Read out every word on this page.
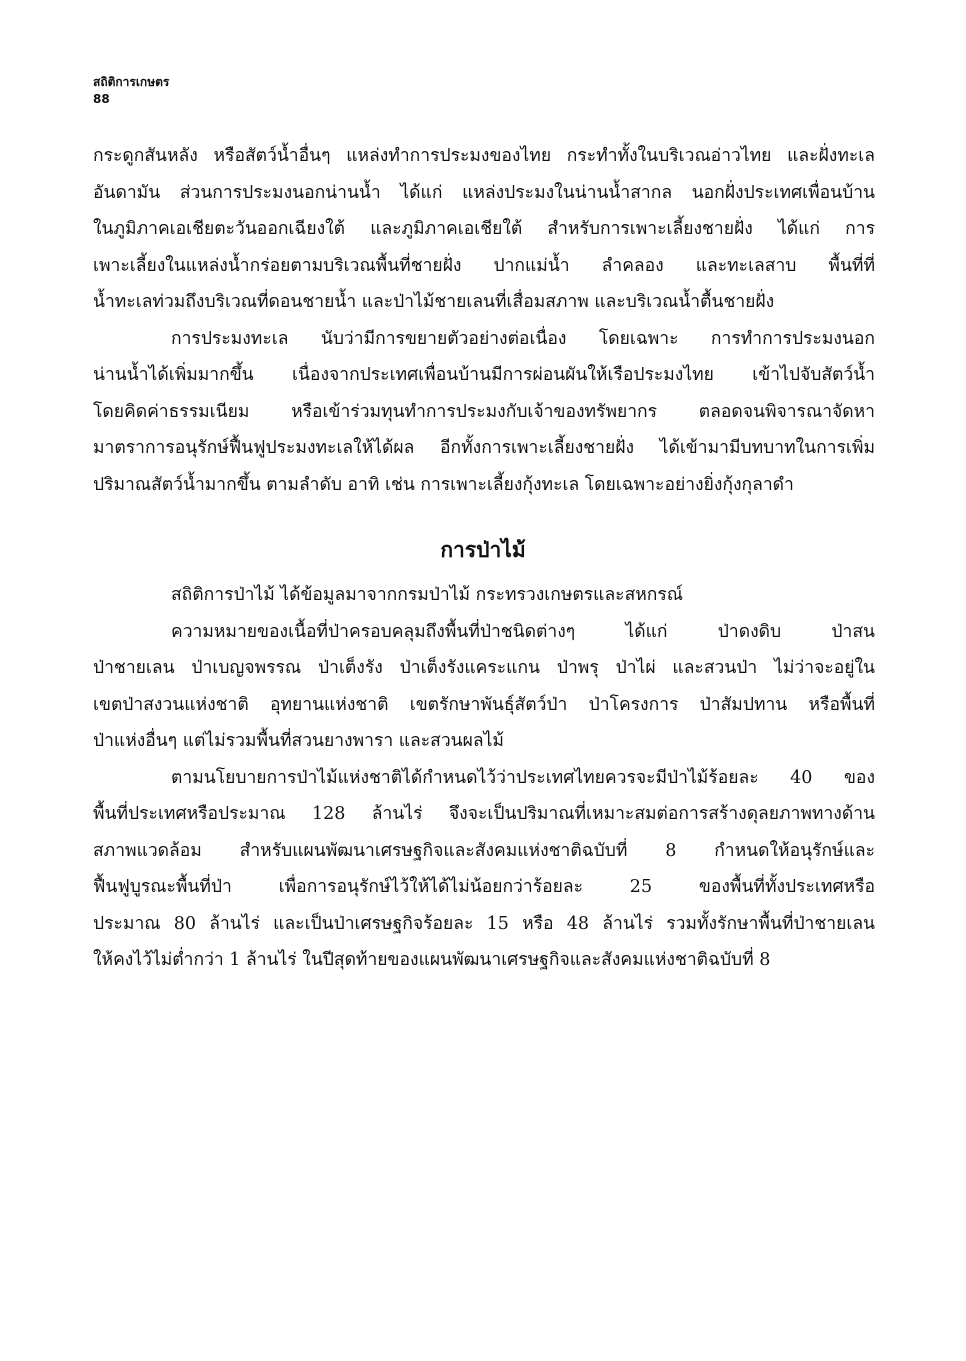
สถิติการเกษตร
88
กระดูกสันหลัง หรือสัตว์น้ำอื่นๆ แหล่งทำการประมงของไทย กระทำทั้งในบริเวณอ่าวไทย และฝั่งทะเล
อันดามัน ส่วนการประมงนอกน่านน้ำ ได้แก่ แหล่งประมงในน่านน้ำสากล นอกฝั่งประเทศเพื่อนบ้าน
ในภูมิภาคเอเชียตะวันออกเฉียงใต้ และภูมิภาคเอเชียใต้ สำหรับการเพาะเลี้ยงชายฝั่ง ได้แก่ การ
เพาะเลี้ยงในแหล่งน้ำกร่อยตามบริเวณพื้นที่ชายฝั่ง ปากแม่น้ำ ลำคลอง และทะเลสาบ พื้นที่ที่
น้ำทะเลท่วมถึงบริเวณที่ดอนชายน้ำ และป่าไม้ชายเลนที่เสื่อมสภาพ และบริเวณน้ำตื้นชายฝั่ง
การประมงทะเล นับว่ามีการขยายตัวอย่างต่อเนื่อง โดยเฉพาะ การทำการประมงนอก
น่านน้ำได้เพิ่มมากขึ้น เนื่องจากประเทศเพื่อนบ้านมีการผ่อนผันให้เรือประมงไทย เข้าไปจับสัตว์น้ำ
โดยคิดค่าธรรมเนียม หรือเข้าร่วมทุนทำการประมงกับเจ้าของทรัพยากร ตลอดจนพิจารณาจัดหา
มาตราการอนุรักษ์ฟื้นฟูประมงทะเลให้ได้ผล อีกทั้งการเพาะเลี้ยงชายฝั่ง ได้เข้ามามีบทบาทในการเพิ่ม
ปริมาณสัตว์น้ำมากขึ้น ตามลำดับ อาทิ เช่น การเพาะเลี้ยงกุ้งทะเล โดยเฉพาะอย่างยิ่งกุ้งกุลาดำ
การป่าไม้
สถิติการป่าไม้ ได้ข้อมูลมาจากกรมป่าไม้ กระทรวงเกษตรและสหกรณ์
ความหมายของเนื้อที่ป่าครอบคลุมถึงพื้นที่ป่าชนิดต่างๆ ได้แก่ ป่าดงดิบ ป่าสน
ป่าชายเลน ป่าเบญจพรรณ ป่าเต็งรัง ป่าเต็งรังแคระแกน ป่าพรุ ป่าไผ่ และสวนป่า ไม่ว่าจะอยู่ใน
เขตป่าสงวนแห่งชาติ อุทยานแห่งชาติ เขตรักษาพันธุ์สัตว์ป่า ป่าโครงการ ป่าสัมปทาน หรือพื้นที่
ป่าแห่งอื่นๆ แต่ไม่รวมพื้นที่สวนยางพารา และสวนผลไม้
ตามนโยบายการป่าไม้แห่งชาติได้กำหนดไว้ว่าประเทศไทยควรจะมีป่าไม้ร้อยละ 40 ของ
พื้นที่ประเทศหรือประมาณ 128 ล้านไร่ จึงจะเป็นปริมาณที่เหมาะสมต่อการสร้างดุลยภาพทางด้าน
สภาพแวดล้อม สำหรับแผนพัฒนาเศรษฐกิจและสังคมแห่งชาติฉบับที่ 8 กำหนดให้อนุรักษ์และ
ฟื้นฟูบูรณะพื้นที่ป่า เพื่อการอนุรักษ์ไว้ให้ได้ไม่น้อยกว่าร้อยละ 25 ของพื้นที่ทั้งประเทศหรือ
ประมาณ 80 ล้านไร่ และเป็นป่าเศรษฐกิจร้อยละ 15 หรือ 48 ล้านไร่ รวมทั้งรักษาพื้นที่ป่าชายเลน
ให้คงไว้ไม่ต่ำกว่า 1 ล้านไร่ ในปีสุดท้ายของแผนพัฒนาเศรษฐกิจและสังคมแห่งชาติฉบับที่ 8
